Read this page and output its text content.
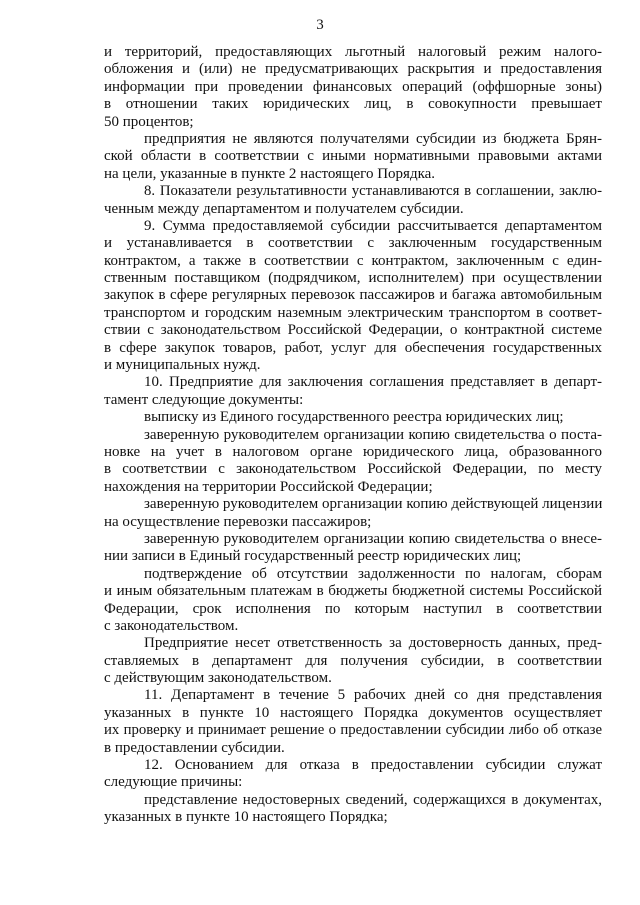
3
и территорий, предоставляющих льготный налоговый режим налого-
обложения и (или) не предусматривающих раскрытия и предоставления
информации при проведении финансовых операций (оффшорные зоны)
в отношении таких юридических лиц, в совокупности превышает
50 процентов;
предприятия не являются получателями субсидии из бюджета Брян-
ской области в соответствии с иными нормативными правовыми актами
на цели, указанные в пункте 2 настоящего Порядка.
8. Показатели результативности устанавливаются в соглашении, заклю-
ченным между департаментом и получателем субсидии.
9. Сумма предоставляемой субсидии рассчитывается департаментом
и устанавливается в соответствии с заключенным государственным
контрактом, а также в соответствии с контрактом, заключенным с един-
ственным поставщиком (подрядчиком, исполнителем) при осуществлении
закупок в сфере регулярных перевозок пассажиров и багажа автомобильным
транспортом и городским наземным электрическим транспортом в соответ-
ствии с законодательством Российской Федерации, о контрактной системе
в сфере закупок товаров, работ, услуг для обеспечения государственных
и муниципальных нужд.
10. Предприятие для заключения соглашения представляет в департ-
тамент следующие документы:
выписку из Единого государственного реестра юридических лиц;
заверенную руководителем организации копию свидетельства о поста-
новке на учет в налоговом органе юридического лица, образованного
в соответствии с законодательством Российской Федерации, по месту
нахождения на территории Российской Федерации;
заверенную руководителем организации копию действующей лицензии
на осуществление перевозки пассажиров;
заверенную руководителем организации копию свидетельства о внесе-
нии записи в Единый государственный реестр юридических лиц;
подтверждение об отсутствии задолженности по налогам, сборам
и иным обязательным платежам в бюджеты бюджетной системы Российской
Федерации, срок исполнения по которым наступил в соответствии
с законодательством.
Предприятие несет ответственность за достоверность данных, пред-
ставляемых в департамент для получения субсидии, в соответствии
с действующим законодательством.
11. Департамент в течение 5 рабочих дней со дня представления
указанных в пункте 10 настоящего Порядка документов осуществляет
их проверку и принимает решение о предоставлении субсидии либо об отказе
в предоставлении субсидии.
12. Основанием для отказа в предоставлении субсидии служат
следующие причины:
представление недостоверных сведений, содержащихся в документах,
указанных в пункте 10 настоящего Порядка;
